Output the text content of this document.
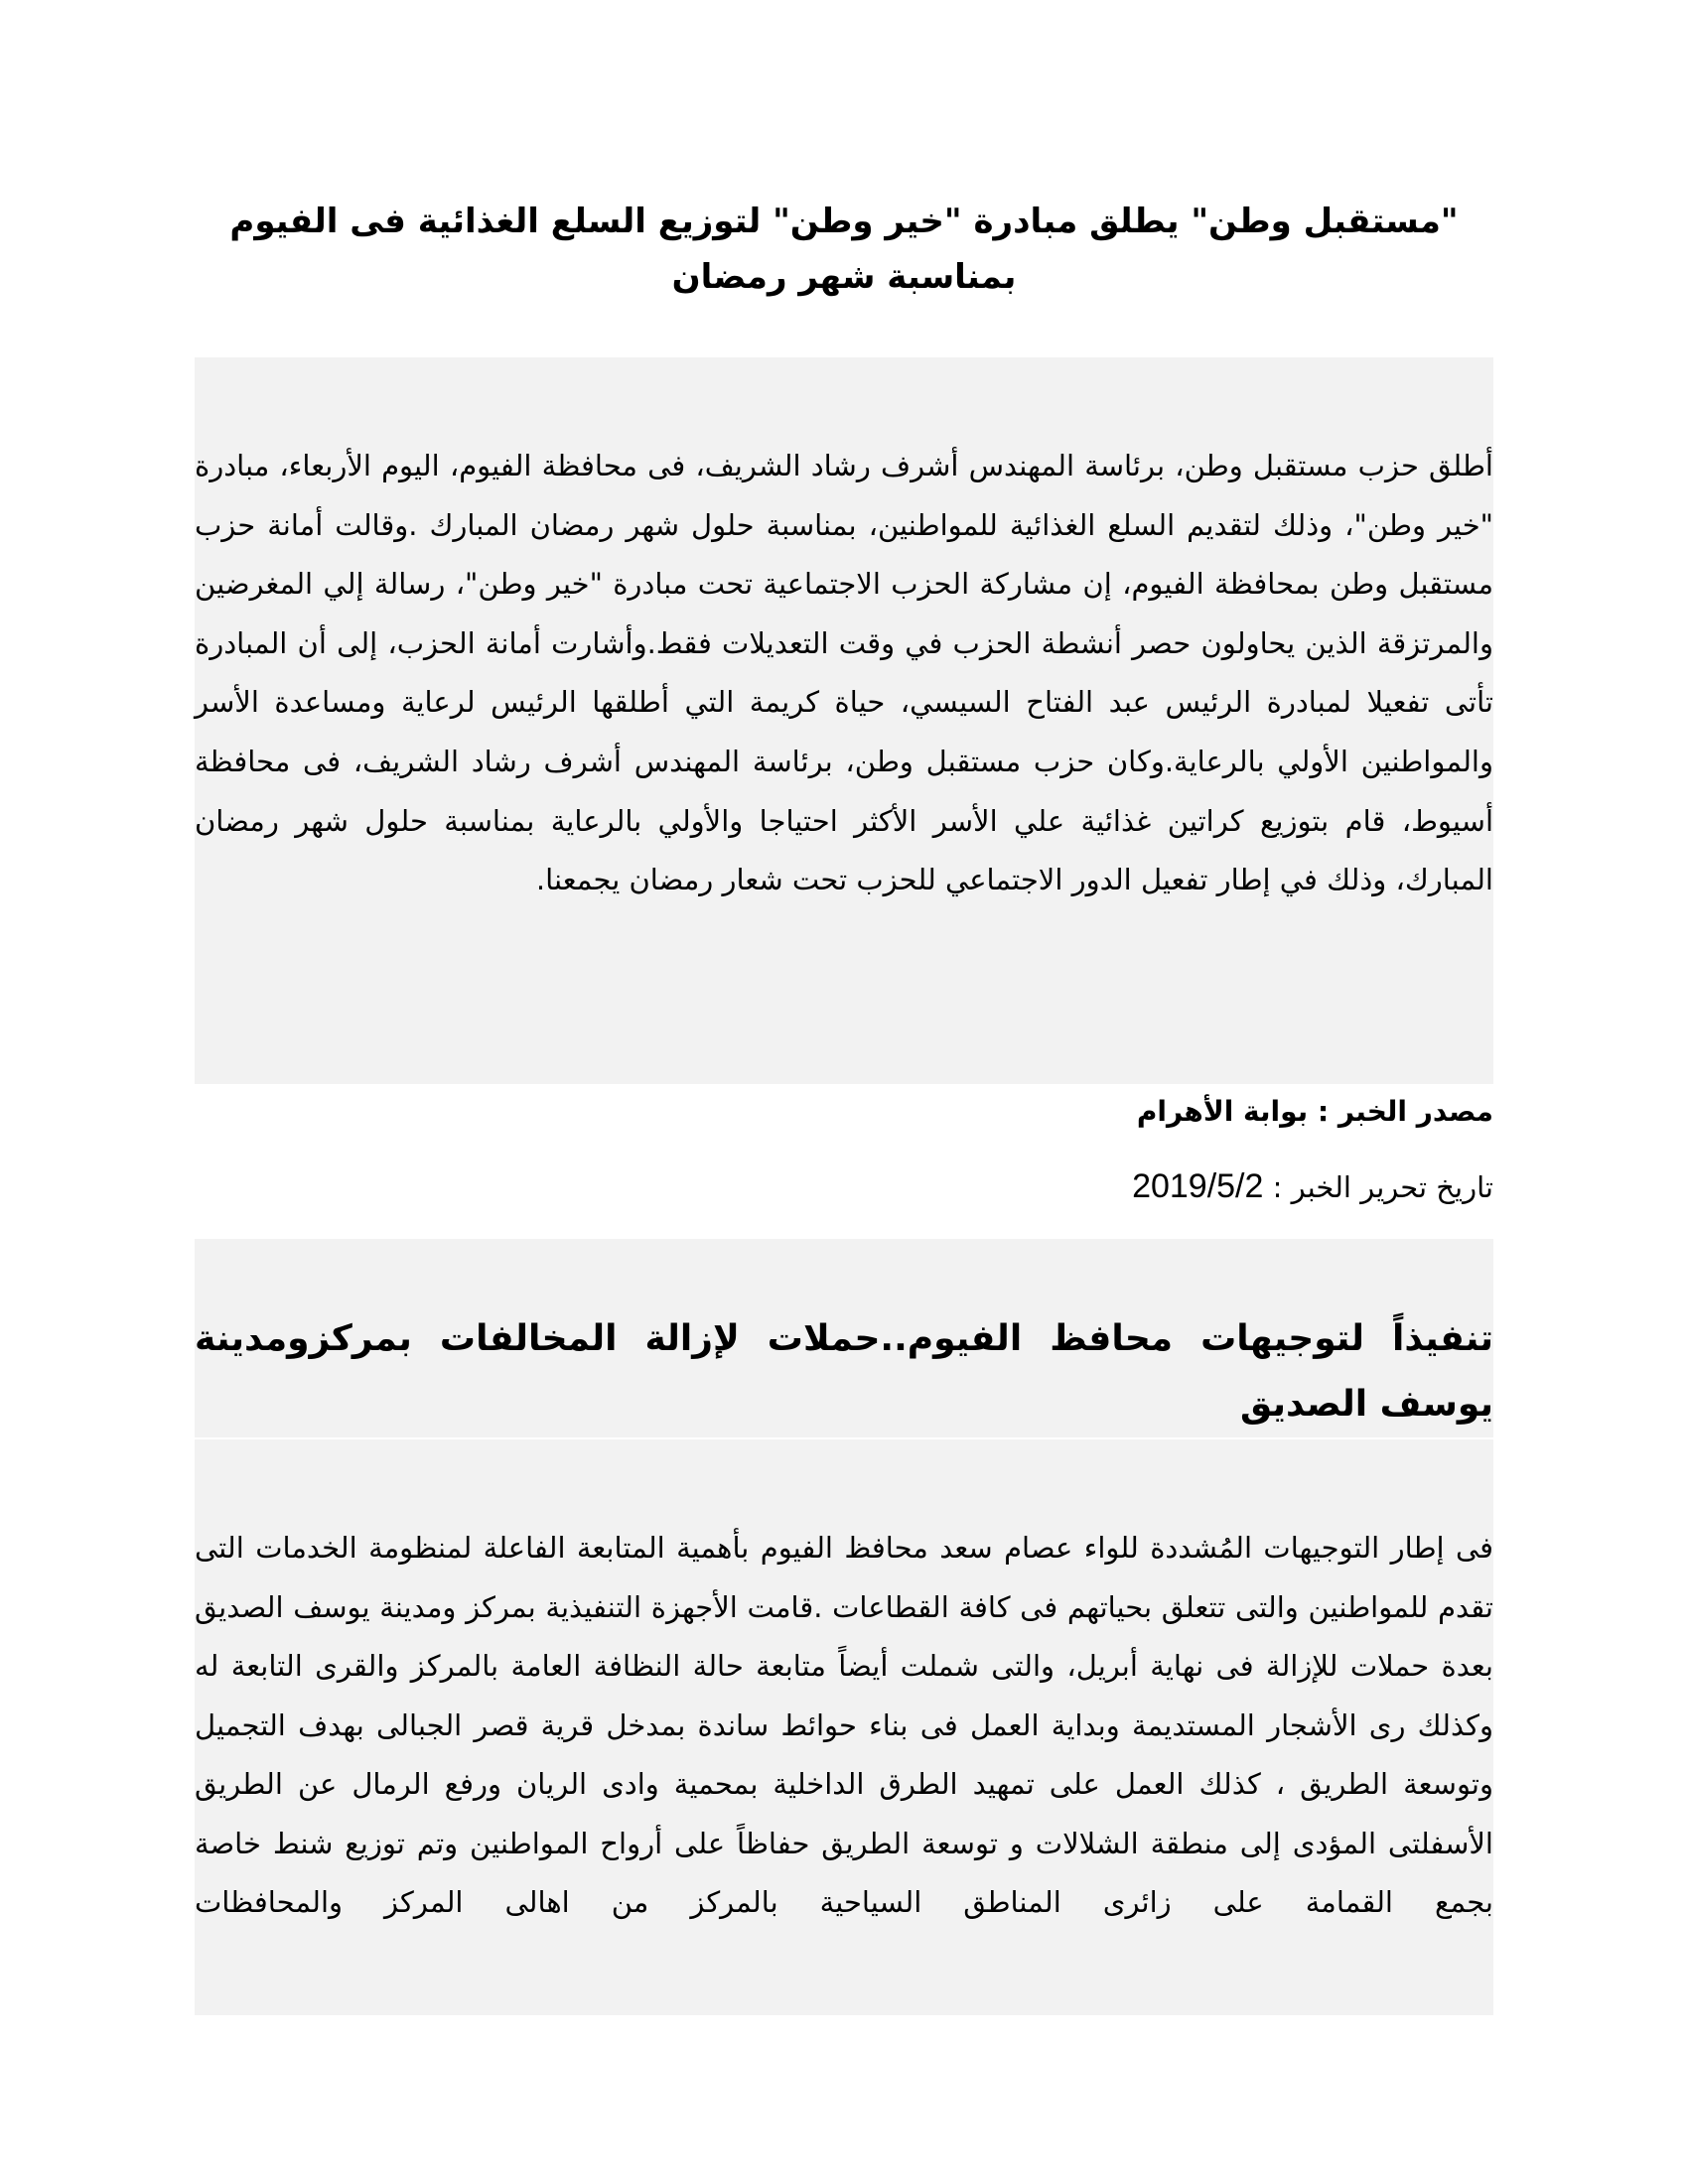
"مستقبل وطن" يطلق مبادرة "خير وطن" لتوزيع السلع الغذائية فى الفيوم بمناسبة شهر رمضان

أطلق حزب مستقبل وطن، برئاسة المهندس أشرف رشاد الشريف، فى محافظة الفيوم، اليوم الأربعاء، مبادرة "خير وطن"، وذلك لتقديم السلع الغذائية للمواطنين، بمناسبة حلول شهر رمضان المبارك .وقالت أمانة حزب مستقبل وطن بمحافظة الفيوم، إن مشاركة الحزب الاجتماعية تحت مبادرة "خير وطن"، رسالة إلي المغرضين والمرتزقة الذين يحاولون حصر أنشطة الحزب في وقت التعديلات فقط.وأشارت أمانة الحزب، إلى أن المبادرة تأتى تفعيلا لمبادرة الرئيس عبد الفتاح السيسي، حياة كريمة التي أطلقها الرئيس لرعاية ومساعدة الأسر والمواطنين الأولي بالرعاية.وكان حزب مستقبل وطن، برئاسة المهندس أشرف رشاد الشريف، فى محافظة أسيوط، قام بتوزيع كراتين غذائية علي الأسر الأكثر احتياجا والأولي بالرعاية بمناسبة حلول شهر رمضان المبارك، وذلك في إطار تفعيل الدور الاجتماعي للحزب تحت شعار رمضان يجمعنا.

مصدر الخبر : بوابة الأهرام

تاريخ تحرير الخبر : 2019/5/2

تنفيذاً لتوجيهات محافظ الفيوم..حملات لإزالة المخالفات بمركزومدينة يوسف الصديق

فى إطار التوجيهات المُشددة للواء عصام سعد محافظ الفيوم بأهمية المتابعة الفاعلة لمنظومة الخدمات التى تقدم للمواطنين والتى تتعلق بحياتهم فى كافة القطاعات .قامت الأجهزة التنفيذية بمركز ومدينة يوسف الصديق بعدة حملات للإزالة فى نهاية أبريل، والتى شملت أيضاً متابعة حالة النظافة العامة بالمركز والقرى التابعة له وكذلك رى الأشجار المستديمة وبداية العمل فى بناء حوائط ساندة بمدخل قرية قصر الجبالى بهدف التجميل وتوسعة الطريق ، كذلك العمل على تمهيد الطرق الداخلية بمحمية وادى الريان ورفع الرمال عن الطريق الأسفلتى المؤدى إلى منطقة الشلالات و توسعة الطريق حفاظاً على أرواح المواطنين وتم توزيع شنط خاصة بجمع القمامة على زائرى المناطق السياحية بالمركز من اهالى المركز والمحافظات
